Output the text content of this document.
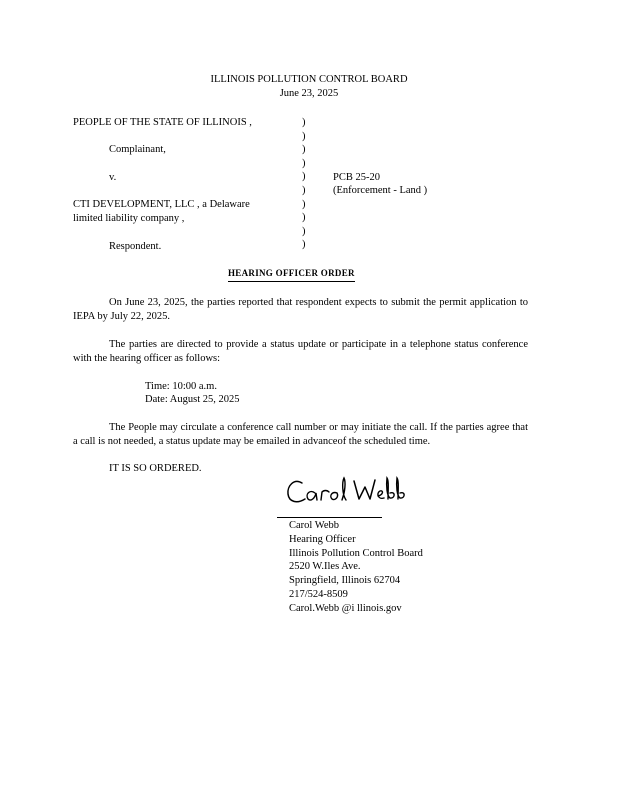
ILLINOIS POLLUTION CONTROL BOARD
June 23, 2025
PEOPLE OF THE STATE OF ILLINOIS ,
Complainant,
v.
CTI DEVELOPMENT, LLC , a Delaware
limited liability company ,
Respondent.
)
)
)
)
)
)
)
)
)
)
PCB 25-20
(Enforcement - Land )
HEARING OFFICER ORDER
On June 23, 2025, the parties reported that respondent expects to submit the permit application to IEPA by July 22, 2025.
The parties are directed to provide a status update or participate in a telephone status conference with the hearing officer as follows:
Time: 10:00 a.m.
Date: August 25, 2025
The People may circulate a conference call number or may initiate the call. If the parties agree that a call is not needed, a status update may be emailed in advanceof the scheduled time.
IT IS SO ORDERED.
Carol Webb
Hearing Officer
Illinois Pollution Control Board
2520 W.Iles Ave.
Springfield, Illinois 62704
217/524-8509
Carol.Webb @i llinois.gov
